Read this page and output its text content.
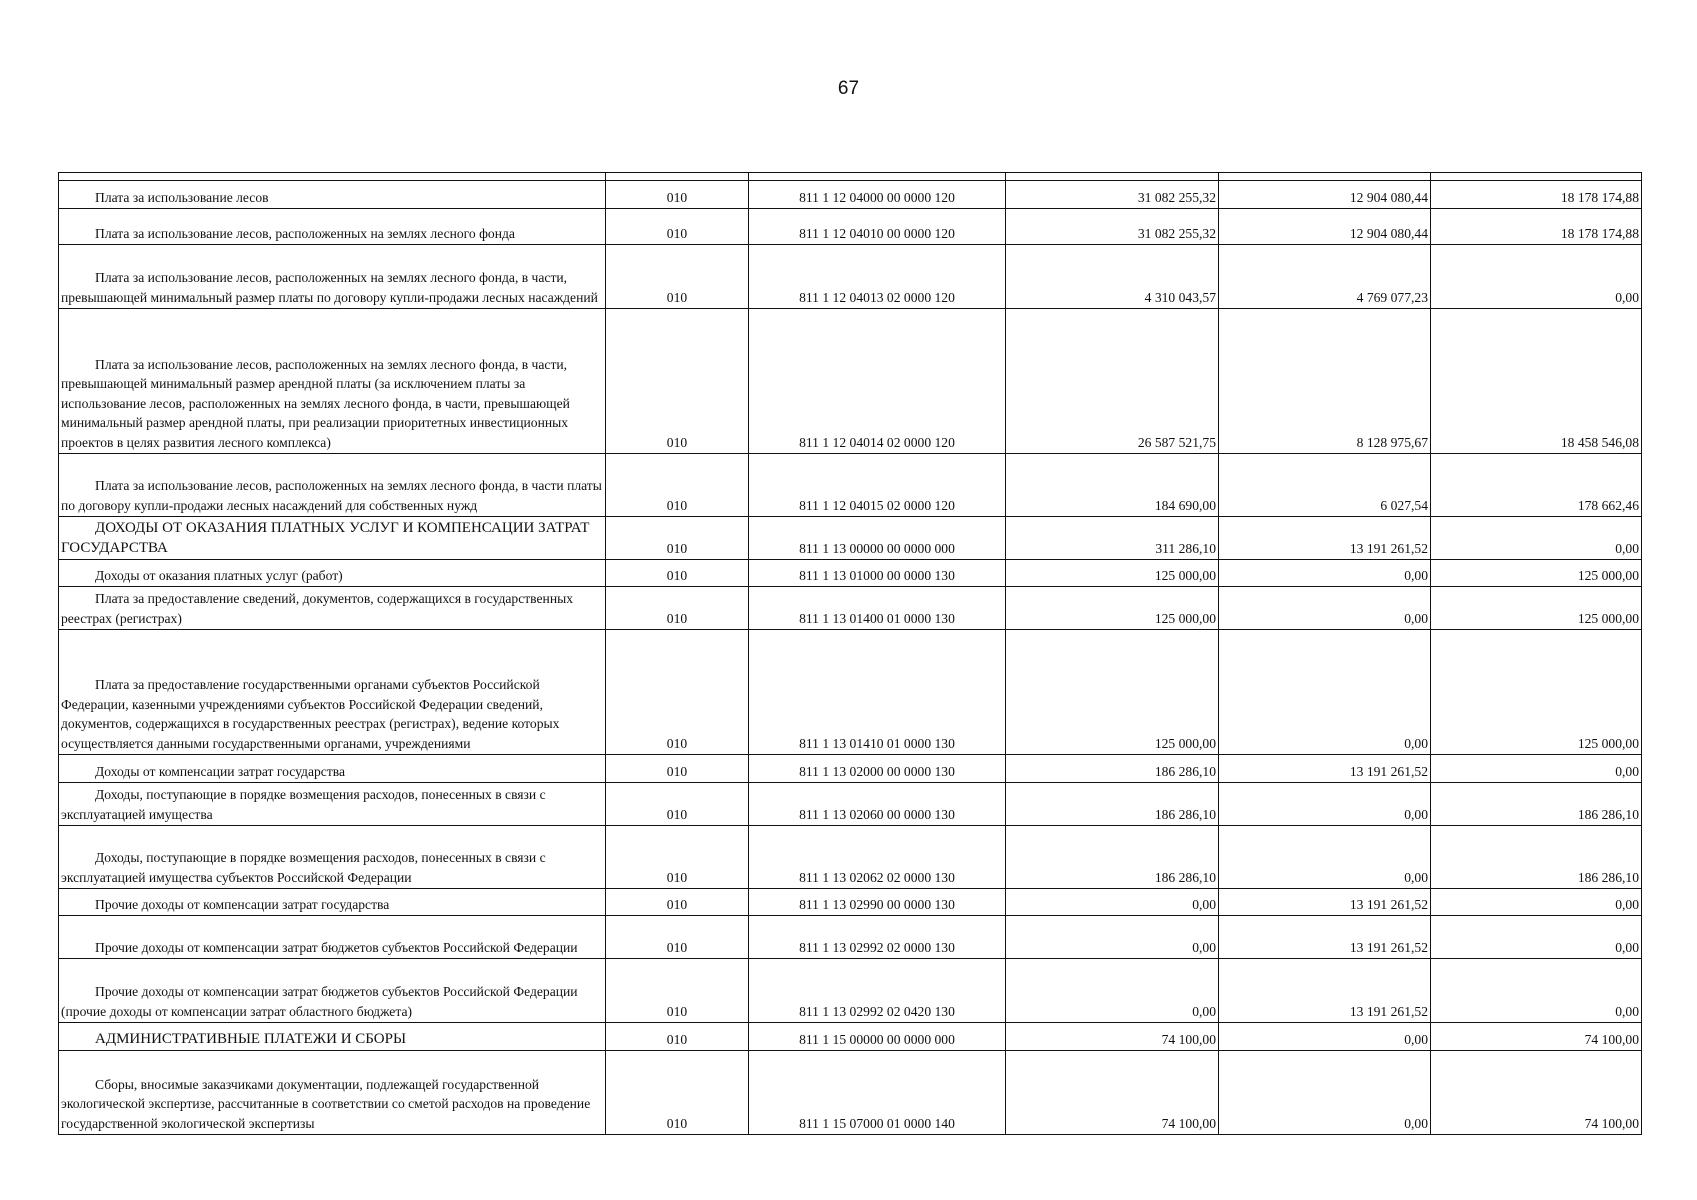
67

Плата за использование лесов	010	811 1 12 04000 00 0000 120	31 082 255,32	12 904 080,44	18 178 174,88

Плата за использование лесов, расположенных на землях лесного фонда	010	811 1 12 04010 00 0000 120	31 082 255,32	12 904 080,44	18 178 174,88

Плата за использование лесов, расположенных на землях лесного фонда, в части, превышающей минимальный размер платы по договору купли-продажи лесных насаждений	010	811 1 12 04013 02 0000 120	4 310 043,57	4 769 077,23	0,00

Плата за использование лесов, расположенных на землях лесного фонда, в части, превышающей минимальный размер арендной платы (за исключением платы за использование лесов, расположенных на землях лесного фонда, в части, превышающей минимальный размер арендной платы, при реализации приоритетных инвестиционных проектов в целях развития лесного комплекса)	010	811 1 12 04014 02 0000 120	26 587 521,75	8 128 975,67	18 458 546,08

Плата за использование лесов, расположенных на землях лесного фонда, в части платы по договору купли-продажи лесных насаждений для собственных нужд	010	811 1 12 04015 02 0000 120	184 690,00	6 027,54	178 662,46

ДОХОДЫ ОТ ОКАЗАНИЯ ПЛАТНЫХ УСЛУГ И КОМПЕНСАЦИИ ЗАТРАТ ГОСУДАРСТВА	010	811 1 13 00000 00 0000 000	311 286,10	13 191 261,52	0,00

Доходы от оказания платных услуг (работ)	010	811 1 13 01000 00 0000 130	125 000,00	0,00	125 000,00

Плата за предоставление сведений, документов, содержащихся в государственных реестрах (регистрах)	010	811 1 13 01400 01 0000 130	125 000,00	0,00	125 000,00

Плата за предоставление государственными органами субъектов Российской Федерации, казенными учреждениями субъектов Российской Федерации сведений, документов, содержащихся в государственных реестрах (регистрах), ведение которых осуществляется данными государственными органами, учреждениями	010	811 1 13 01410 01 0000 130	125 000,00	0,00	125 000,00

Доходы от компенсации затрат государства	010	811 1 13 02000 00 0000 130	186 286,10	13 191 261,52	0,00

Доходы, поступающие в порядке возмещения расходов, понесенных в связи с эксплуатацией имущества	010	811 1 13 02060 00 0000 130	186 286,10	0,00	186 286,10

Доходы, поступающие в порядке возмещения расходов, понесенных в связи с эксплуатацией имущества субъектов Российской Федерации	010	811 1 13 02062 02 0000 130	186 286,10	0,00	186 286,10

Прочие доходы от компенсации затрат государства	010	811 1 13 02990 00 0000 130	0,00	13 191 261,52	0,00

Прочие доходы от компенсации затрат бюджетов субъектов Российской Федерации	010	811 1 13 02992 02 0000 130	0,00	13 191 261,52	0,00

Прочие доходы от компенсации затрат бюджетов субъектов Российской Федерации (прочие доходы от компенсации затрат областного бюджета)	010	811 1 13 02992 02 0420 130	0,00	13 191 261,52	0,00

АДМИНИСТРАТИВНЫЕ ПЛАТЕЖИ И СБОРЫ	010	811 1 15 00000 00 0000 000	74 100,00	0,00	74 100,00

Сборы, вносимые заказчиками документации, подлежащей государственной экологической экспертизе, рассчитанные в соответствии со сметой расходов на проведение государственной экологической экспертизы	010	811 1 15 07000 01 0000 140	74 100,00	0,00	74 100,00
